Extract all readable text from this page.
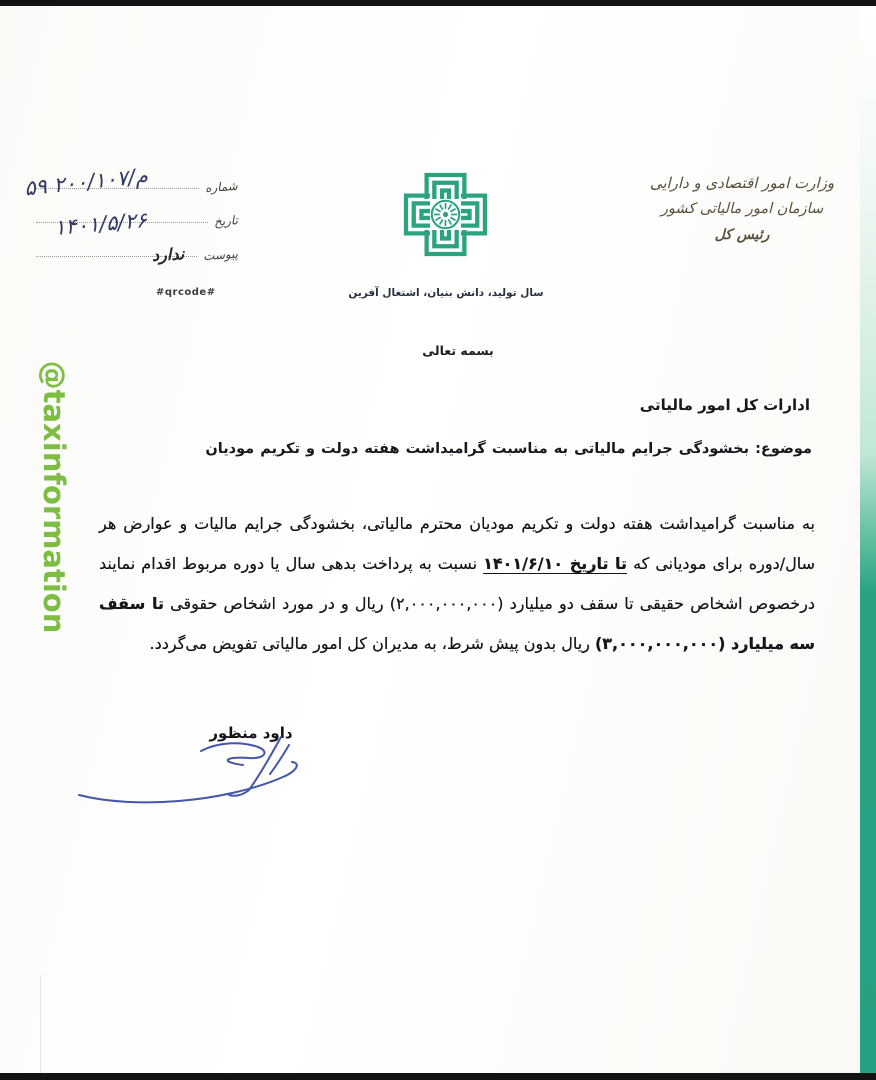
@taxinformation
شماره
م/۲۰۰/۱۰۷ ۵۹
تاریخ
۱۴۰۱/۵/۲۶
پیوست
ندارد
#qrcode#	سال تولید، دانش بنیان، اشتغال آفرین
وزارت امور اقتصادی و دارایی
سازمان امور مالیاتی کشور
رئیس کل
بسمه تعالی
ادارات کل امور مالیاتی
موضوع: بخشودگی جرایم مالیاتی به مناسبت گرامیداشت هفته دولت و تکریم مودیان

به مناسبت گرامیداشت هفته دولت و تکریم مودیان محترم مالیاتی، بخشودگی جرایم مالیات و عوارض هر سال/دوره برای مودیانی که تا تاریخ ۱۴۰۱/۶/۱۰ نسبت به پرداخت بدهی سال یا دوره مربوط اقدام نمایند درخصوص اشخاص حقیقی تا سقف دو میلیارد (۲,۰۰۰,۰۰۰,۰۰۰) ریال و در مورد اشخاص حقوقی تا سقف سه میلیارد (۳,۰۰۰,۰۰۰,۰۰۰) ریال بدون پیش شرط، به مدیران کل امور مالیاتی تفویض می‌گردد.

داود منظور
